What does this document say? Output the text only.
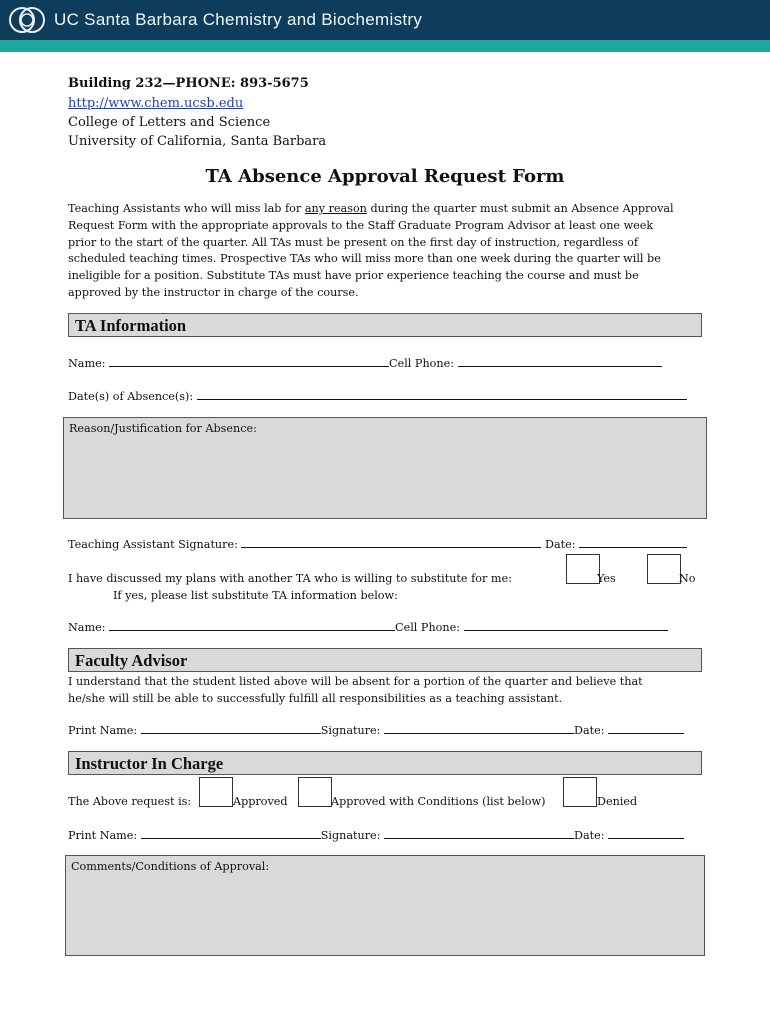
UC Santa Barbara Chemistry and Biochemistry
Building 232—PHONE: 893-5675
http://www.chem.ucsb.edu
College of Letters and Science
University of California, Santa Barbara
TA Absence Approval Request Form
Teaching Assistants who will miss lab for any reason during the quarter must submit an Absence Approval
Request Form with the appropriate approvals to the Staff Graduate Program Advisor at least one week
prior to the start of the quarter. All TAs must be present on the first day of instruction, regardless of
scheduled teaching times. Prospective TAs who will miss more than one week during the quarter will be
ineligible for a position. Substitute TAs must have prior experience teaching the course and must be
approved by the instructor in charge of the course.
TA Information
Name:	Cell Phone:
Date(s) of Absence(s):
Reason/Justification for Absence:
Teaching Assistant Signature:	Date:
I have discussed my plans with another TA who is willing to substitute for me:	Yes	No
If yes, please list substitute TA information below:
Name:	Cell Phone:
Faculty Advisor
I understand that the student listed above will be absent for a portion of the quarter and believe that
he/she will still be able to successfully fulfill all responsibilities as a teaching assistant.
Print Name:	Signature:	Date:
Instructor In Charge
The Above request is:	Approved	Approved with Conditions (list below)	Denied
Print Name:	Signature:	Date:
Comments/Conditions of Approval:
